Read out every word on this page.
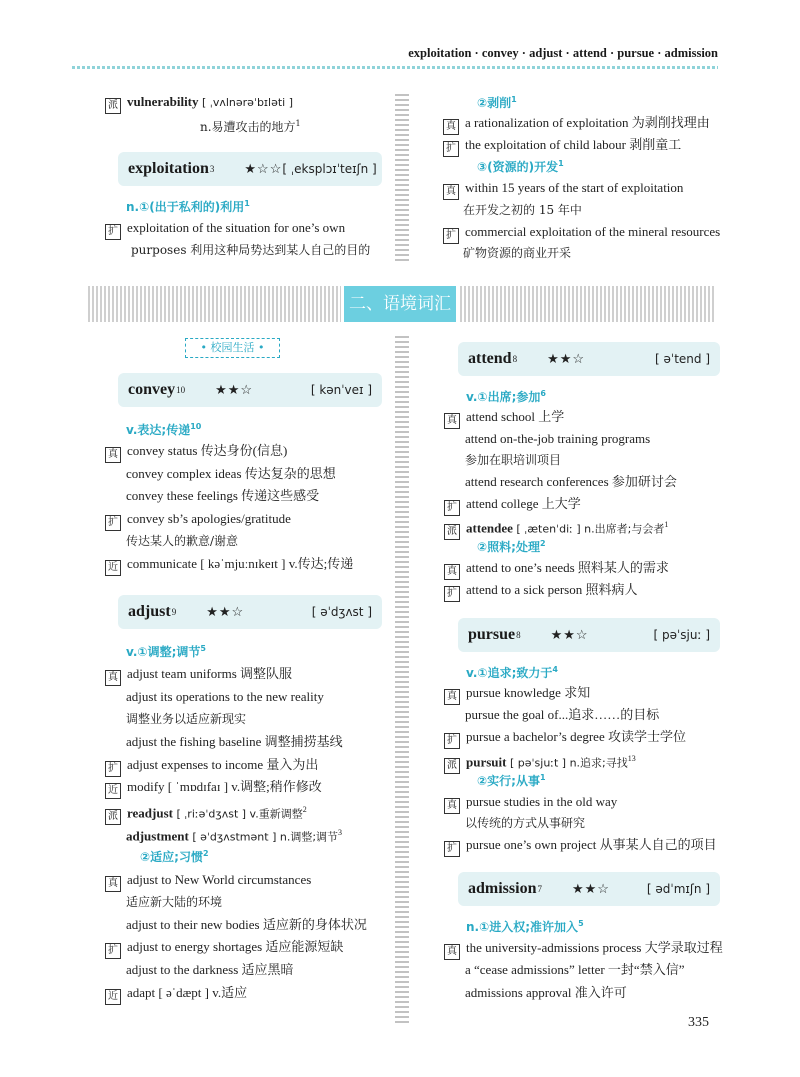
exploitation · convey · adjust · attend · pursue · admission
派 vulnerability [ ˌvʌlnərəˈbɪləti ]
n.易遭攻击的地方$^1$
exploitation 3 ★☆☆ [ ˌeksplɔɪˈteɪʃn ]
n.①(出于私利的)利用$^1$
扩 exploitation of the situation for one’s own
purposes 利用这种局势达到某人自己的目的
②剥削$^1$
真 a rationalization of exploitation 为剥削找理由
扩 the exploitation of child labour 剥削童工
③(资源的)开发$^1$
真 within 15 years of the start of exploitation
在开发之初的 15 年中
扩 commercial exploitation of the mineral resources
矿物资源的商业开采
二、语境词汇
• 校园生活 •
convey 10 ★★☆	[ kənˈveɪ ]
v.表达;传递$^{10}$
真 convey status 传达身份(信息)
convey complex ideas 传达复杂的思想
convey these feelings 传递这些感受
扩 convey sb’s apologies/gratitude
传达某人的歉意/谢意
近 communicate [ kəˈmjuːnɪkeɪt ] v.传达;传递
adjust 9 ★★☆	[ əˈdʒʌst ]
v.①调整;调节$^5$
真 adjust team uniforms 调整队服
adjust its operations to the new reality
调整业务以适应新现实
adjust the fishing baseline 调整捕捞基线
扩 adjust expenses to income 量入为出
近 modify [ ˈmɒdɪfaɪ ] v.调整;稍作修改
派 readjust [ ˌriːəˈdʒʌst ] v.重新调整$^2$
adjustment [ əˈdʒʌstmənt ] n.调整;调节$^3$
②适应;习惯$^2$
真 adjust to New World circumstances
适应新大陆的环境
adjust to their new bodies 适应新的身体状况
扩 adjust to energy shortages 适应能源短缺
adjust to the darkness 适应黑暗
近 adapt [ əˈdæpt ] v.适应
attend 8 ★★☆	[ əˈtend ]
v.①出席;参加$^6$
真 attend school 上学
attend on-the-job training programs
参加在职培训项目
attend research conferences 参加研讨会
扩 attend college 上大学
派 attendee [ ˌætenˈdiː ] n.出席者;与会者$^1$
②照料;处理$^2$
真 attend to one’s needs 照料某人的需求
扩 attend to a sick person 照料病人
pursue 8 ★★☆	[ pəˈsjuː ]
v.①追求;致力于$^4$
真 pursue knowledge 求知
pursue the goal of...追求……的目标
扩 pursue a bachelor’s degree 攻读学士学位
派 pursuit [ pəˈsjuːt ] n.追求;寻找$^{13}$
②实行;从事$^1$
真 pursue studies in the old way
以传统的方式从事研究
扩 pursue one’s own project 从事某人自己的项目
admission 7 ★★☆	[ ədˈmɪʃn ]
n.①进入权;准许加入$^5$
真 the university-admissions process 大学录取过程
a “cease admissions” letter 一封“禁入信”
admissions approval 准入许可
335
